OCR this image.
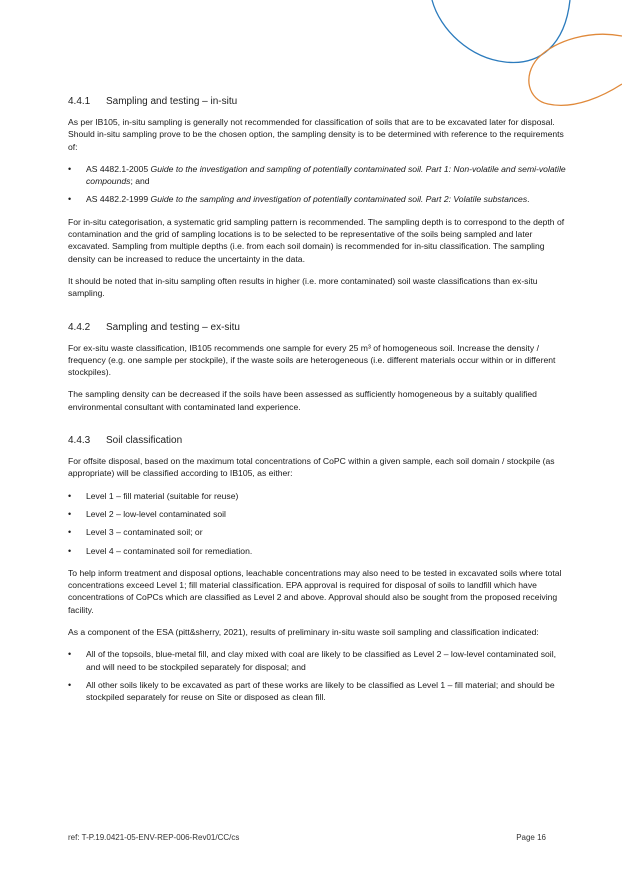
4.4.1 Sampling and testing – in-situ

As per IB105, in-situ sampling is generally not recommended for classification of soils that are to be excavated later for disposal. Should in-situ sampling prove to be the chosen option, the sampling density is to be determined with reference to the requirements of:

•	AS 4482.1-2005 Guide to the investigation and sampling of potentially contaminated soil. Part 1: Non-volatile and semi-volatile compounds; and
•	AS 4482.2-1999 Guide to the sampling and investigation of potentially contaminated soil. Part 2: Volatile substances.

For in-situ categorisation, a systematic grid sampling pattern is recommended. The sampling depth is to correspond to the depth of contamination and the grid of sampling locations is to be selected to be representative of the soils being sampled and later excavated. Sampling from multiple depths (i.e. from each soil domain) is recommended for in-situ classification. The sampling density can be increased to reduce the uncertainty in the data.

It should be noted that in-situ sampling often results in higher (i.e. more contaminated) soil waste classifications than ex-situ sampling.

4.4.2 Sampling and testing – ex-situ

For ex-situ waste classification, IB105 recommends one sample for every 25 m³ of homogeneous soil. Increase the density / frequency (e.g. one sample per stockpile), if the waste soils are heterogeneous (i.e. different materials occur within or in different stockpiles).

The sampling density can be decreased if the soils have been assessed as sufficiently homogeneous by a suitably qualified environmental consultant with contaminated land experience.

4.4.3 Soil classification

For offsite disposal, based on the maximum total concentrations of CoPC within a given sample, each soil domain / stockpile (as appropriate) will be classified according to IB105, as either:

•	Level 1 – fill material (suitable for reuse)
•	Level 2 – low-level contaminated soil
•	Level 3 – contaminated soil; or
•	Level 4 – contaminated soil for remediation.

To help inform treatment and disposal options, leachable concentrations may also need to be tested in excavated soils where total concentrations exceed Level 1; fill material classification. EPA approval is required for disposal of soils to landfill which have concentrations of CoPCs which are classified as Level 2 and above. Approval should also be sought from the proposed receiving facility.

As a component of the ESA (pitt&sherry, 2021), results of preliminary in-situ waste soil sampling and classification indicated:

•	All of the topsoils, blue-metal fill, and clay mixed with coal are likely to be classified as Level 2 – low-level contaminated soil, and will need to be stockpiled separately for disposal; and
•	All other soils likely to be excavated as part of these works are likely to be classified as Level 1 – fill material; and should be stockpiled separately for reuse on Site or disposed as clean fill.
ref: T-P.19.0421-05-ENV-REP-006-Rev01/CC/cs	Page 16
